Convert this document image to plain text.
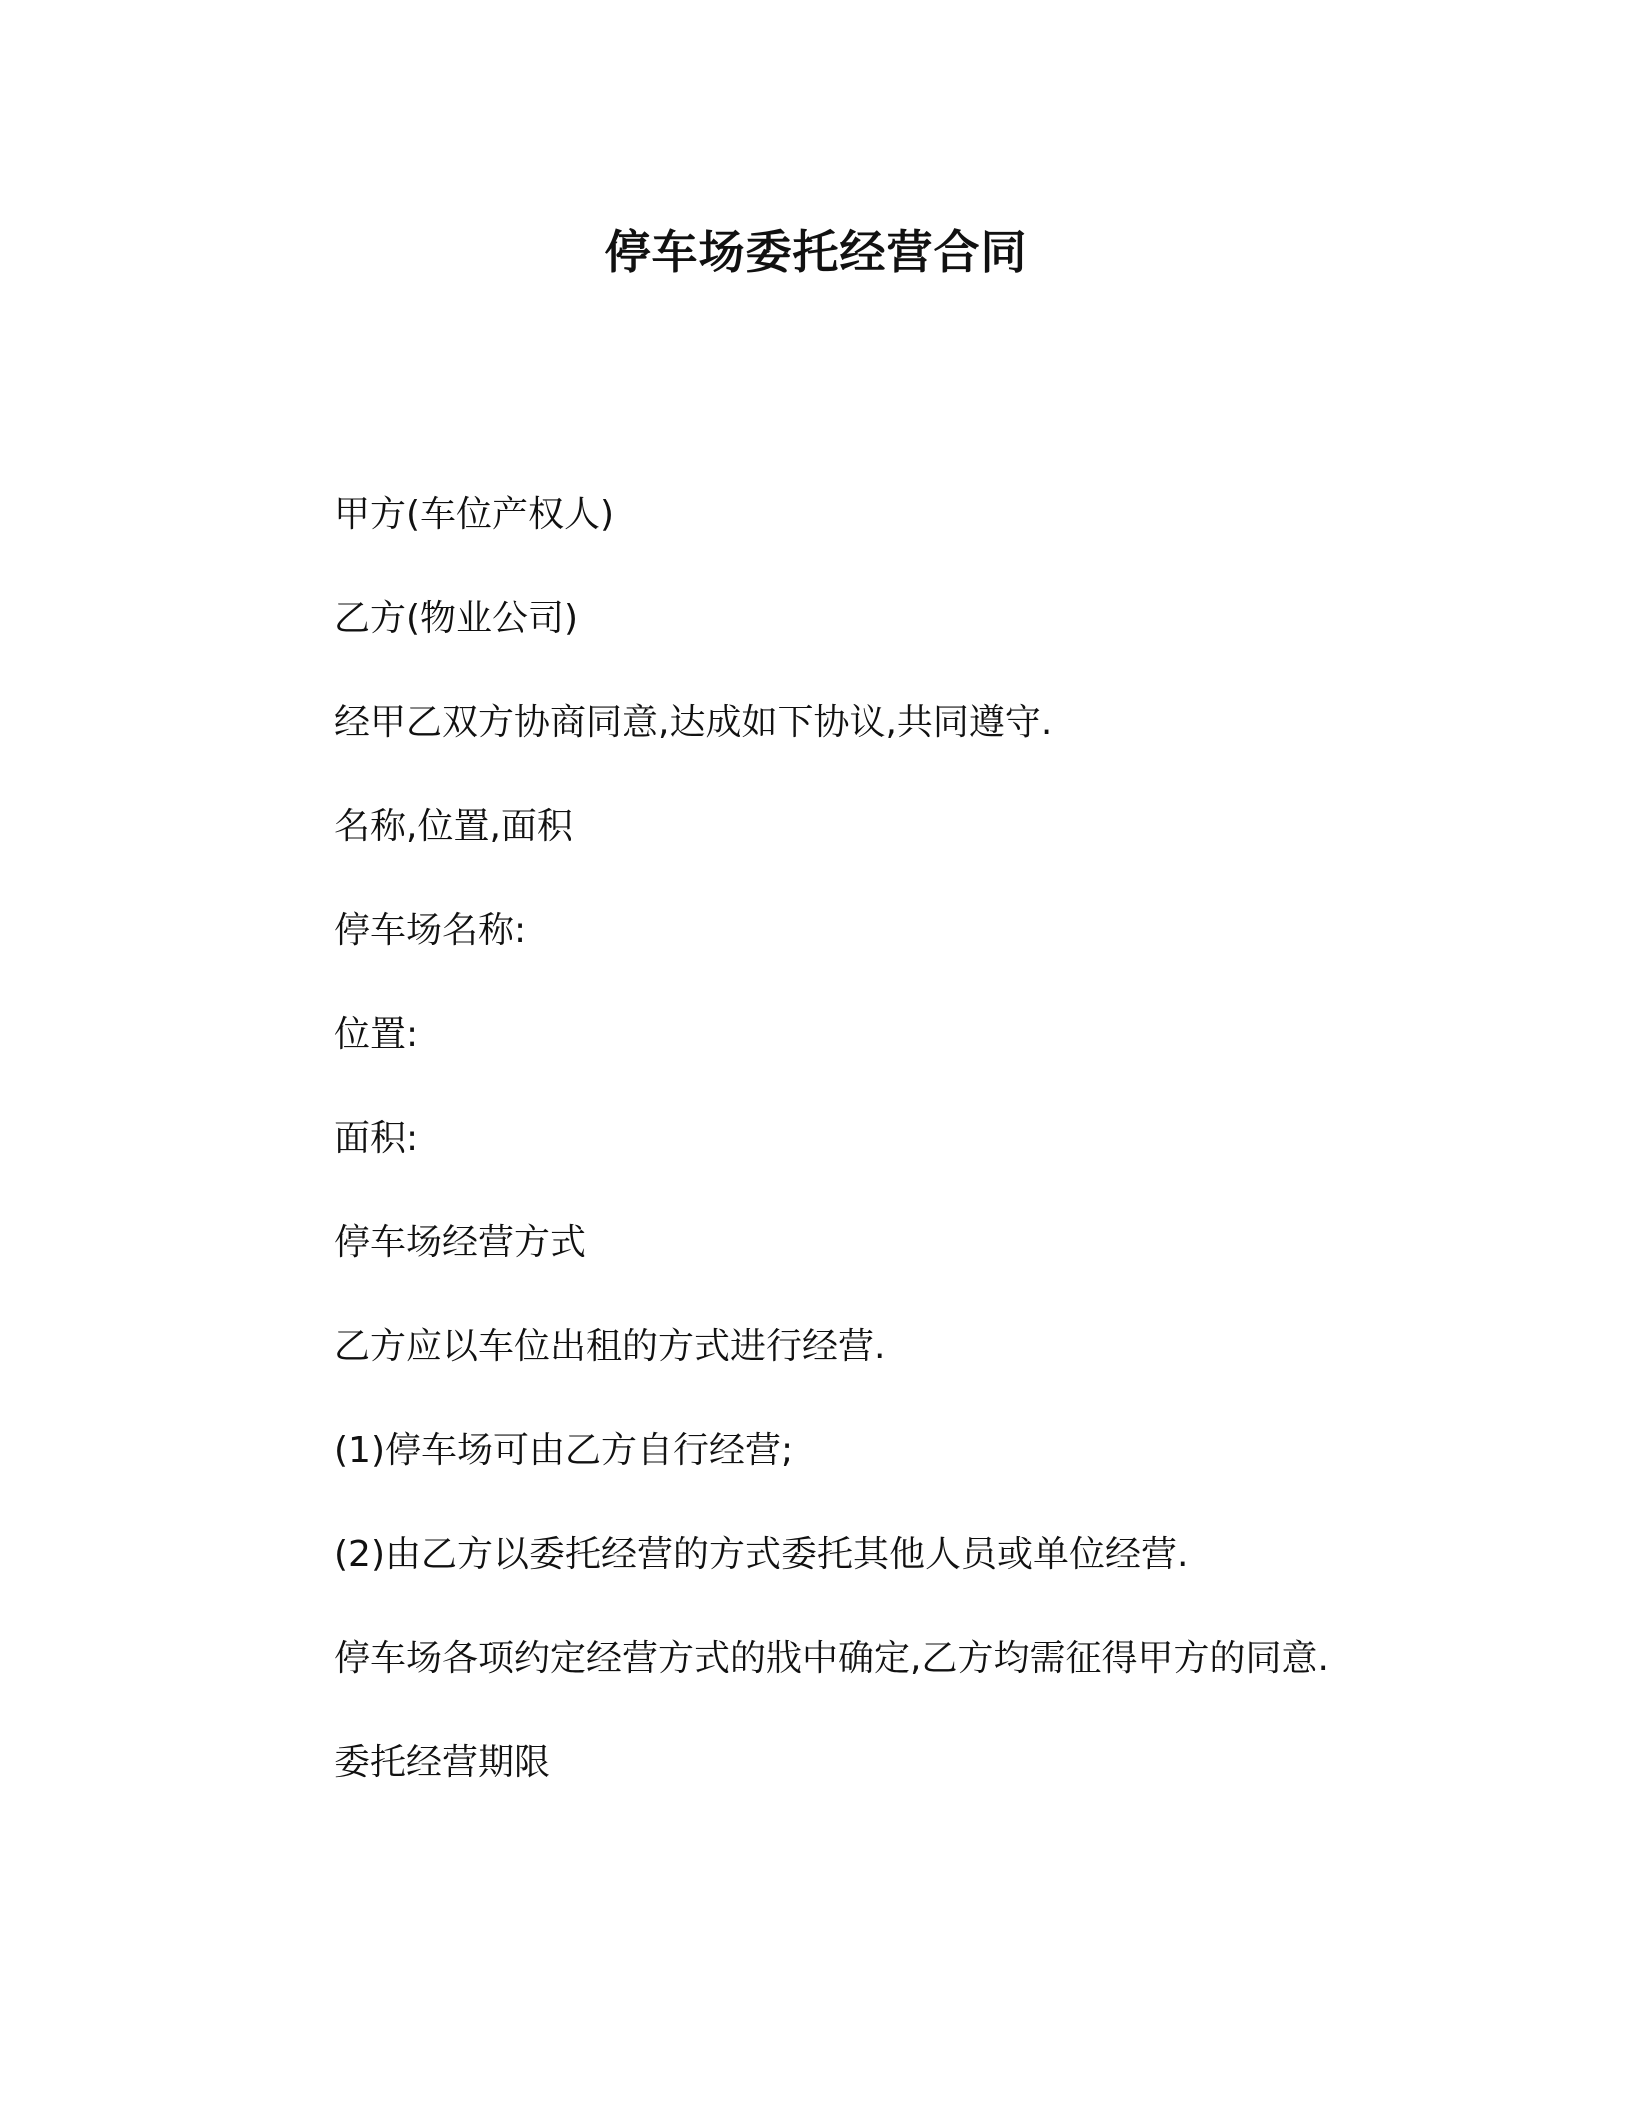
停车场委托经营合同

甲方(车位产权人)

乙方(物业公司)

经甲乙双方协商同意,达成如下协议,共同遵守.

名称,位置,面积

停车场名称:

位置:

面积:

停车场经营方式

乙方应以车位出租的方式进行经营.

(1)停车场可由乙方自行经营;

(2)由乙方以委托经营的方式委托其他人员或单位经营.

停车场各项约定经营方式的戕中确定,乙方均需征得甲方的同意.

委托经营期限
